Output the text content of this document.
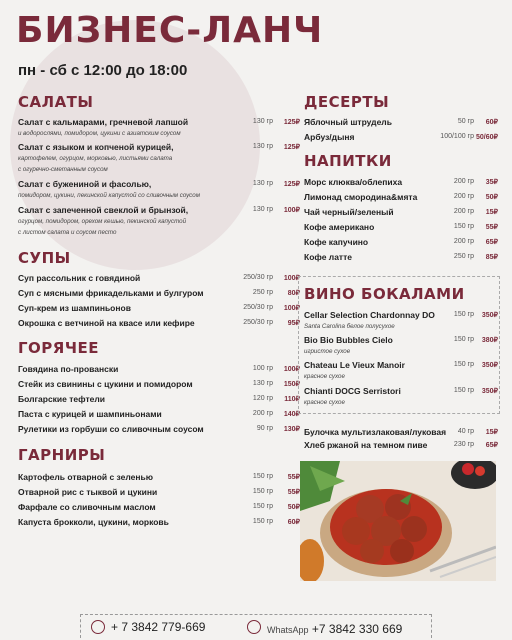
БИЗНЕС-ЛАНЧ
пн - сб с 12:00 до 18:00
САЛАТЫ
Салат с кальмарами, гречневой лапшой	130 гр	125₽
и водорослями, помидором, цукини с азиатским соусом
Салат с языком и копченой курицей,	130 гр	125₽
картофелем, огурцом, морковью, листьями салата
с огуречно-сметанным соусом
Салат с бужениной и фасолью,	130 гр	125₽
помидором, цукини, пекинской капустой со сливочным соусом
Салат с запеченной свеклой и брынзой,	130 гр	100₽
огурцом, помидором, орехом кешью, пекинской капустой
с листом салата и соусом песто
СУПЫ
Суп рассольник с говядиной	250/30 гр	100₽
Суп с мясными фрикадельками и булгуром	250 гр	80₽
Суп-крем из шампиньонов	250/30 гр	100₽
Окрошка с ветчиной на квасе или кефире	250/30 гр	95₽
ГОРЯЧЕЕ
Говядина по-провански	100 гр	100₽
Стейк из свинины с цукини и помидором	130 гр	150₽
Болгарские тефтели	120 гр	110₽
Паста с курицей и шампиньонами	200 гр	140₽
Рулетики из горбуши со сливочным соусом	90 гр	130₽
ГАРНИРЫ
Картофель отварной с зеленью	150 гр	55₽
Отварной рис с тыквой и цукини	150 гр	55₽
Фарфале со сливочным маслом	150 гр	50₽
Капуста брокколи, цукини, морковь	150 гр	60₽
ДЕСЕРТЫ
Яблочный штрудель	50 гр	60₽
Арбуз/дыня	100/100 гр 50/60₽
НАПИТКИ
Морс клюква/облепиха	200 гр	35₽
Лимонад смородина&мята	200 гр	50₽
Чай черный/зеленый	200 гр	15₽
Кофе американо	150 гр	55₽
Кофе капучино	200 гр	65₽
Кофе латте	250 гр	85₽
ВИНО БОКАЛАМИ
Cellar Selection Chardonnay DO	150 гр	350₽
Santa Carolina белое полусухое
Bio Bio Bubbles Cielo	150 гр	380₽
игристое сухое
Chateau Le Vieux Manoir	150 гр	350₽
красное сухое
Chianti DOCG Serristori	150 гр	350₽
красное сухое
Булочка мультизлаковая/луковая	40 гр	15₽
Хлеб ржаной на темном пиве	230 гр	65₽
+ 7 3842 779-669	WhatsApp +7 3842 330 669
